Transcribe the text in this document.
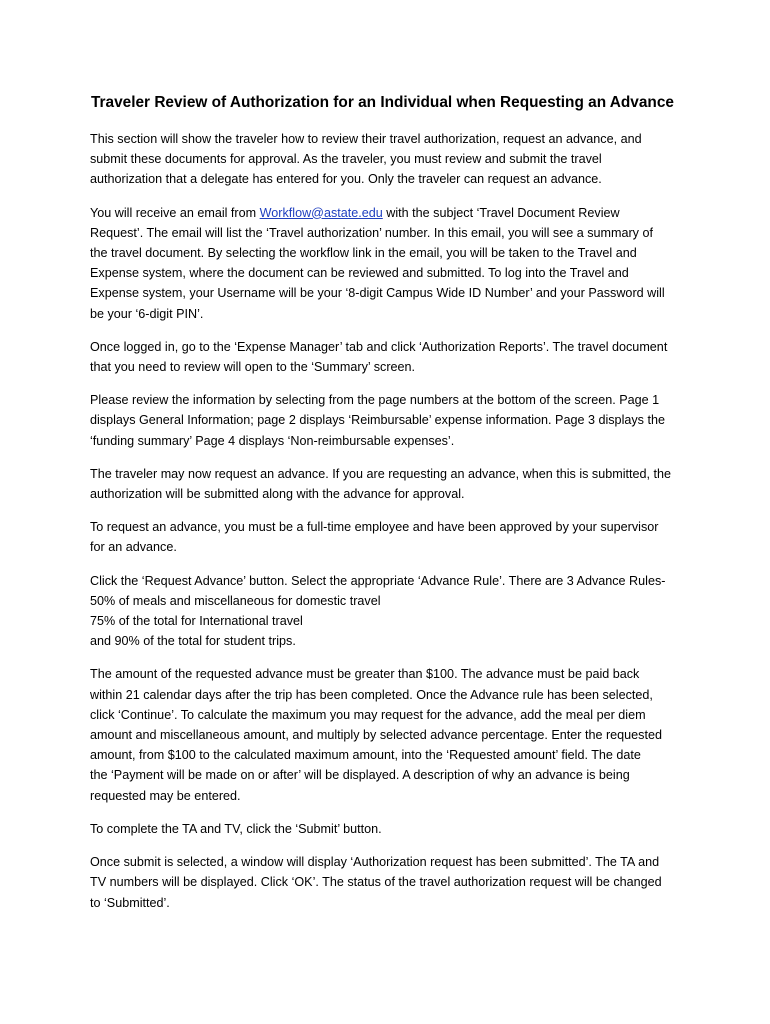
Traveler Review of Authorization for an Individual when Requesting an Advance
This section will show the traveler how to review their travel authorization, request an advance, and
submit these documents for approval. As the traveler, you must review and submit the travel
authorization that a delegate has entered for you. Only the traveler can request an advance.
You will receive an email from Workflow@astate.edu with the subject ‘Travel Document Review
Request’. The email will list the ‘Travel authorization’ number. In this email, you will see a summary of
the travel document. By selecting the workflow link in the email, you will be taken to the Travel and
Expense system, where the document can be reviewed and submitted. To log into the Travel and
Expense system, your Username will be your ‘8-digit Campus Wide ID Number’ and your Password will
be your ‘6-digit PIN’.
Once logged in, go to the ‘Expense Manager’ tab and click ‘Authorization Reports’. The travel document
that you need to review will open to the ‘Summary’ screen.
Please review the information by selecting from the page numbers at the bottom of the screen. Page 1
displays General Information; page 2 displays ‘Reimbursable’ expense information. Page 3 displays the
‘funding summary’ Page 4 displays ‘Non-reimbursable expenses’.
The traveler may now request an advance. If you are requesting an advance, when this is submitted, the
authorization will be submitted along with the advance for approval.
To request an advance, you must be a full-time employee and have been approved by your supervisor
for an advance.
Click the ‘Request Advance’ button. Select the appropriate ‘Advance Rule’. There are 3 Advance Rules-
50% of meals and miscellaneous for domestic travel
75% of the total for International travel
and 90% of the total for student trips.
The amount of the requested advance must be greater than $100. The advance must be paid back
within 21 calendar days after the trip has been completed. Once the Advance rule has been selected,
click ‘Continue’. To calculate the maximum you may request for the advance, add the meal per diem
amount and miscellaneous amount, and multiply by selected advance percentage. Enter the requested
amount, from $100 to the calculated maximum amount, into the ‘Requested amount’ field. The date
the ‘Payment will be made on or after’ will be displayed. A description of why an advance is being
requested may be entered.
To complete the TA and TV, click the ‘Submit’ button.
Once submit is selected, a window will display ‘Authorization request has been submitted’. The TA and
TV numbers will be displayed. Click ‘OK’. The status of the travel authorization request will be changed
to ‘Submitted’.
